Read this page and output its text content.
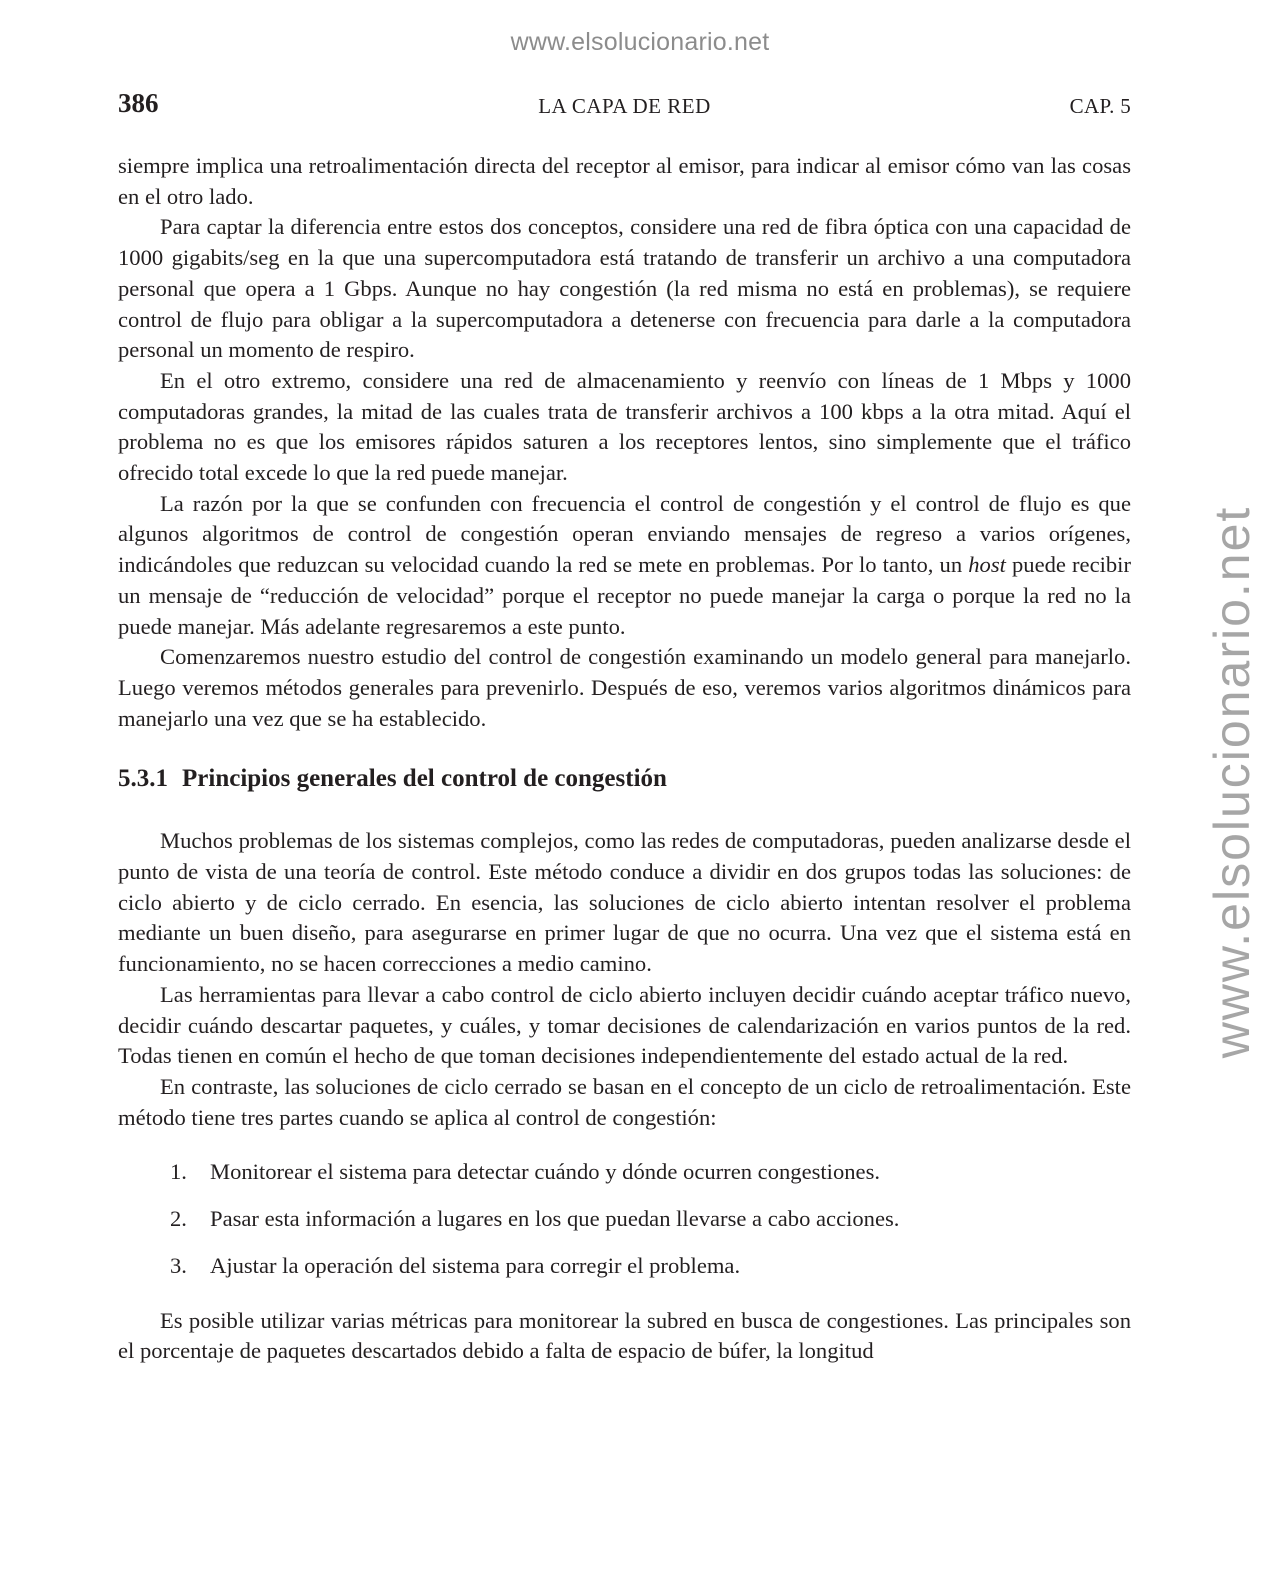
www.elsolucionario.net
www.elsolucionario.net
386	LA CAPA DE RED	CAP. 5

siempre implica una retroalimentación directa del receptor al emisor, para indicar al emisor cómo van las cosas en el otro lado.

Para captar la diferencia entre estos dos conceptos, considere una red de fibra óptica con una capacidad de 1000 gigabits/seg en la que una supercomputadora está tratando de transferir un archivo a una computadora personal que opera a 1 Gbps. Aunque no hay congestión (la red misma no está en problemas), se requiere control de flujo para obligar a la supercomputadora a detenerse con frecuencia para darle a la computadora personal un momento de respiro.

En el otro extremo, considere una red de almacenamiento y reenvío con líneas de 1 Mbps y 1000 computadoras grandes, la mitad de las cuales trata de transferir archivos a 100 kbps a la otra mitad. Aquí el problema no es que los emisores rápidos saturen a los receptores lentos, sino simplemente que el tráfico ofrecido total excede lo que la red puede manejar.

La razón por la que se confunden con frecuencia el control de congestión y el control de flujo es que algunos algoritmos de control de congestión operan enviando mensajes de regreso a varios orígenes, indicándoles que reduzcan su velocidad cuando la red se mete en problemas. Por lo tanto, un host puede recibir un mensaje de “reducción de velocidad” porque el receptor no puede manejar la carga o porque la red no la puede manejar. Más adelante regresaremos a este punto.

Comenzaremos nuestro estudio del control de congestión examinando un modelo general para manejarlo. Luego veremos métodos generales para prevenirlo. Después de eso, veremos varios algoritmos dinámicos para manejarlo una vez que se ha establecido.

5.3.1 Principios generales del control de congestión

Muchos problemas de los sistemas complejos, como las redes de computadoras, pueden analizarse desde el punto de vista de una teoría de control. Este método conduce a dividir en dos grupos todas las soluciones: de ciclo abierto y de ciclo cerrado. En esencia, las soluciones de ciclo abierto intentan resolver el problema mediante un buen diseño, para asegurarse en primer lugar de que no ocurra. Una vez que el sistema está en funcionamiento, no se hacen correcciones a medio camino.

Las herramientas para llevar a cabo control de ciclo abierto incluyen decidir cuándo aceptar tráfico nuevo, decidir cuándo descartar paquetes, y cuáles, y tomar decisiones de calendarización en varios puntos de la red. Todas tienen en común el hecho de que toman decisiones independientemente del estado actual de la red.

En contraste, las soluciones de ciclo cerrado se basan en el concepto de un ciclo de retroalimentación. Este método tiene tres partes cuando se aplica al control de congestión:

1. Monitorear el sistema para detectar cuándo y dónde ocurren congestiones.
2. Pasar esta información a lugares en los que puedan llevarse a cabo acciones.
3. Ajustar la operación del sistema para corregir el problema.

Es posible utilizar varias métricas para monitorear la subred en busca de congestiones. Las principales son el porcentaje de paquetes descartados debido a falta de espacio de búfer, la longitud
